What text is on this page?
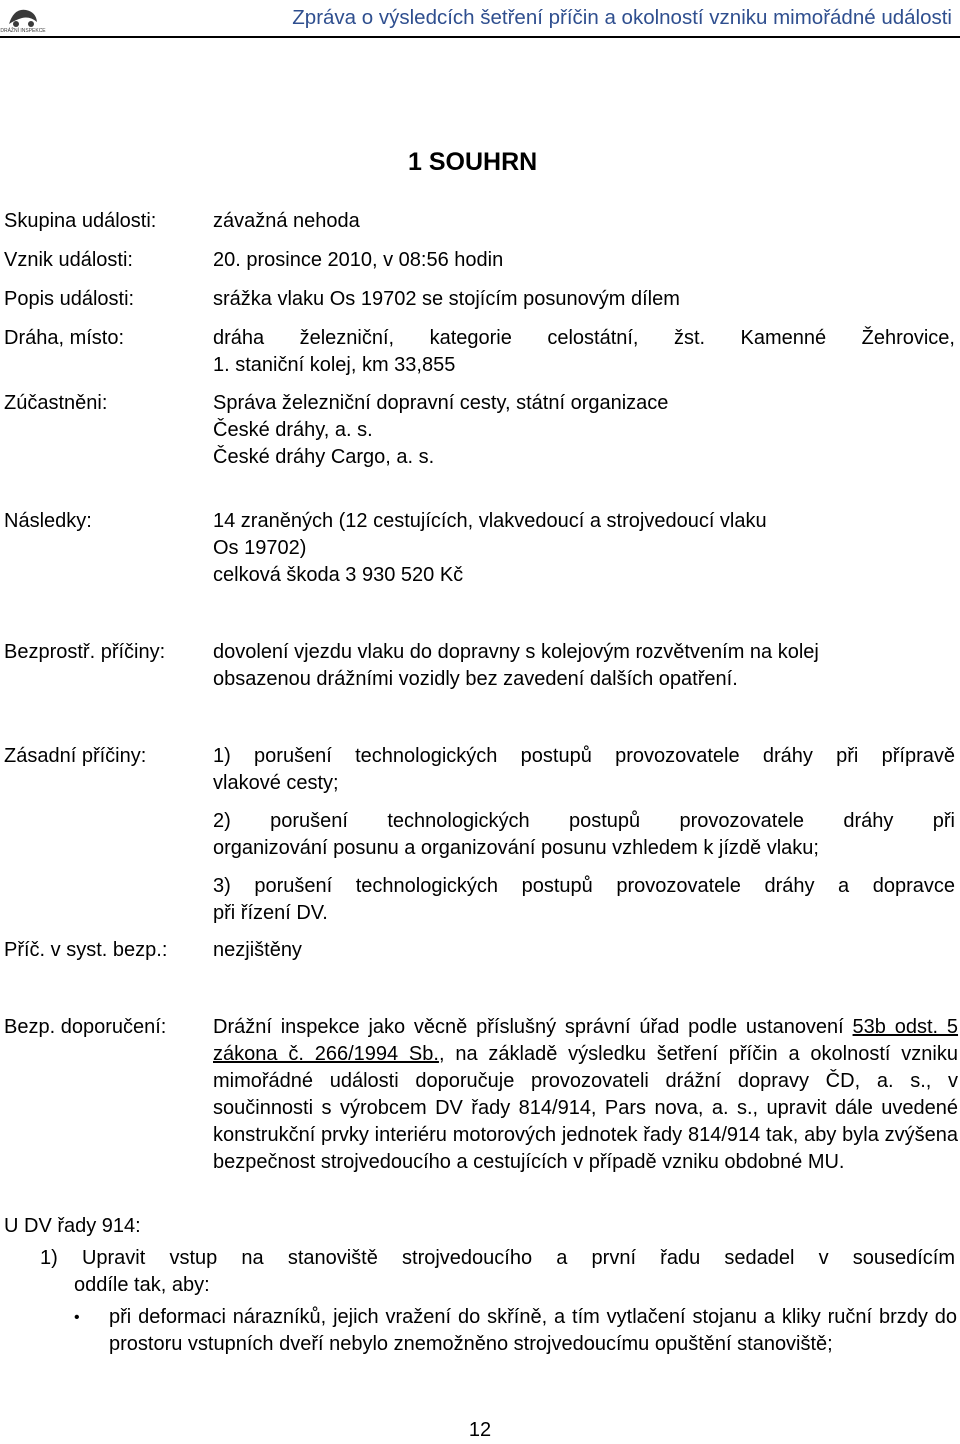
DRÁŽNÍ INSPEKCE
Zpráva o výsledcích šetření příčin a okolností vzniku mimořádné události
1 SOUHRN
Skupina události:	závažná nehoda
Vznik události:	20. prosince 2010, v 08:56 hodin
Popis události:	srážka vlaku Os 19702 se stojícím posunovým dílem
Dráha, místo:	dráha železniční, kategorie celostátní, žst. Kamenné Žehrovice,
1. staniční kolej, km 33,855
Zúčastněni:	Správa železniční dopravní cesty, státní organizace
České dráhy, a. s.
České dráhy Cargo, a. s.
Následky:	14 zraněných (12 cestujících, vlakvedoucí a strojvedoucí vlaku
Os 19702)
celková škoda 3 930 520 Kč
Bezprostř. příčiny: dovolení vjezdu vlaku do dopravny s kolejovým rozvětvením na kolej
obsazenou drážními vozidly bez zavedení dalších opatření.
Zásadní příčiny:	1) porušení technologických postupů provozovatele dráhy při přípravě
vlakové cesty;
2) porušení technologických postupů provozovatele dráhy při
organizování posunu a organizování posunu vzhledem k jízdě vlaku;
3) porušení technologických postupů provozovatele dráhy a dopravce
při řízení DV.
Příč. v syst. bezp.: nezjištěny
Bezp. doporučení: Drážní inspekce jako věcně příslušný správní úřad podle ustanovení 53b odst. 5 zákona č. 266/1994 Sb., na základě výsledku šetření příčin a okolností vzniku mimořádné události doporučuje provozovateli drážní dopravy ČD, a. s., v součinnosti s výrobcem DV řady 814/914, Pars nova, a. s., upravit dále uvedené konstrukční prvky interiéru motorových jednotek řady 814/914 tak, aby byla zvýšena bezpečnost strojvedoucího a cestujících v případě vzniku obdobné MU.
U DV řady 914:
1) Upravit vstup na stanoviště strojvedoucího a první řadu sedadel v sousedícím
oddíle tak, aby:
• při deformaci nárazníků, jejich vražení do skříně, a tím vytlačení stojanu a kliky ruční brzdy do prostoru vstupních dveří nebylo znemožněno strojvedoucímu opuštění stanoviště;
12
